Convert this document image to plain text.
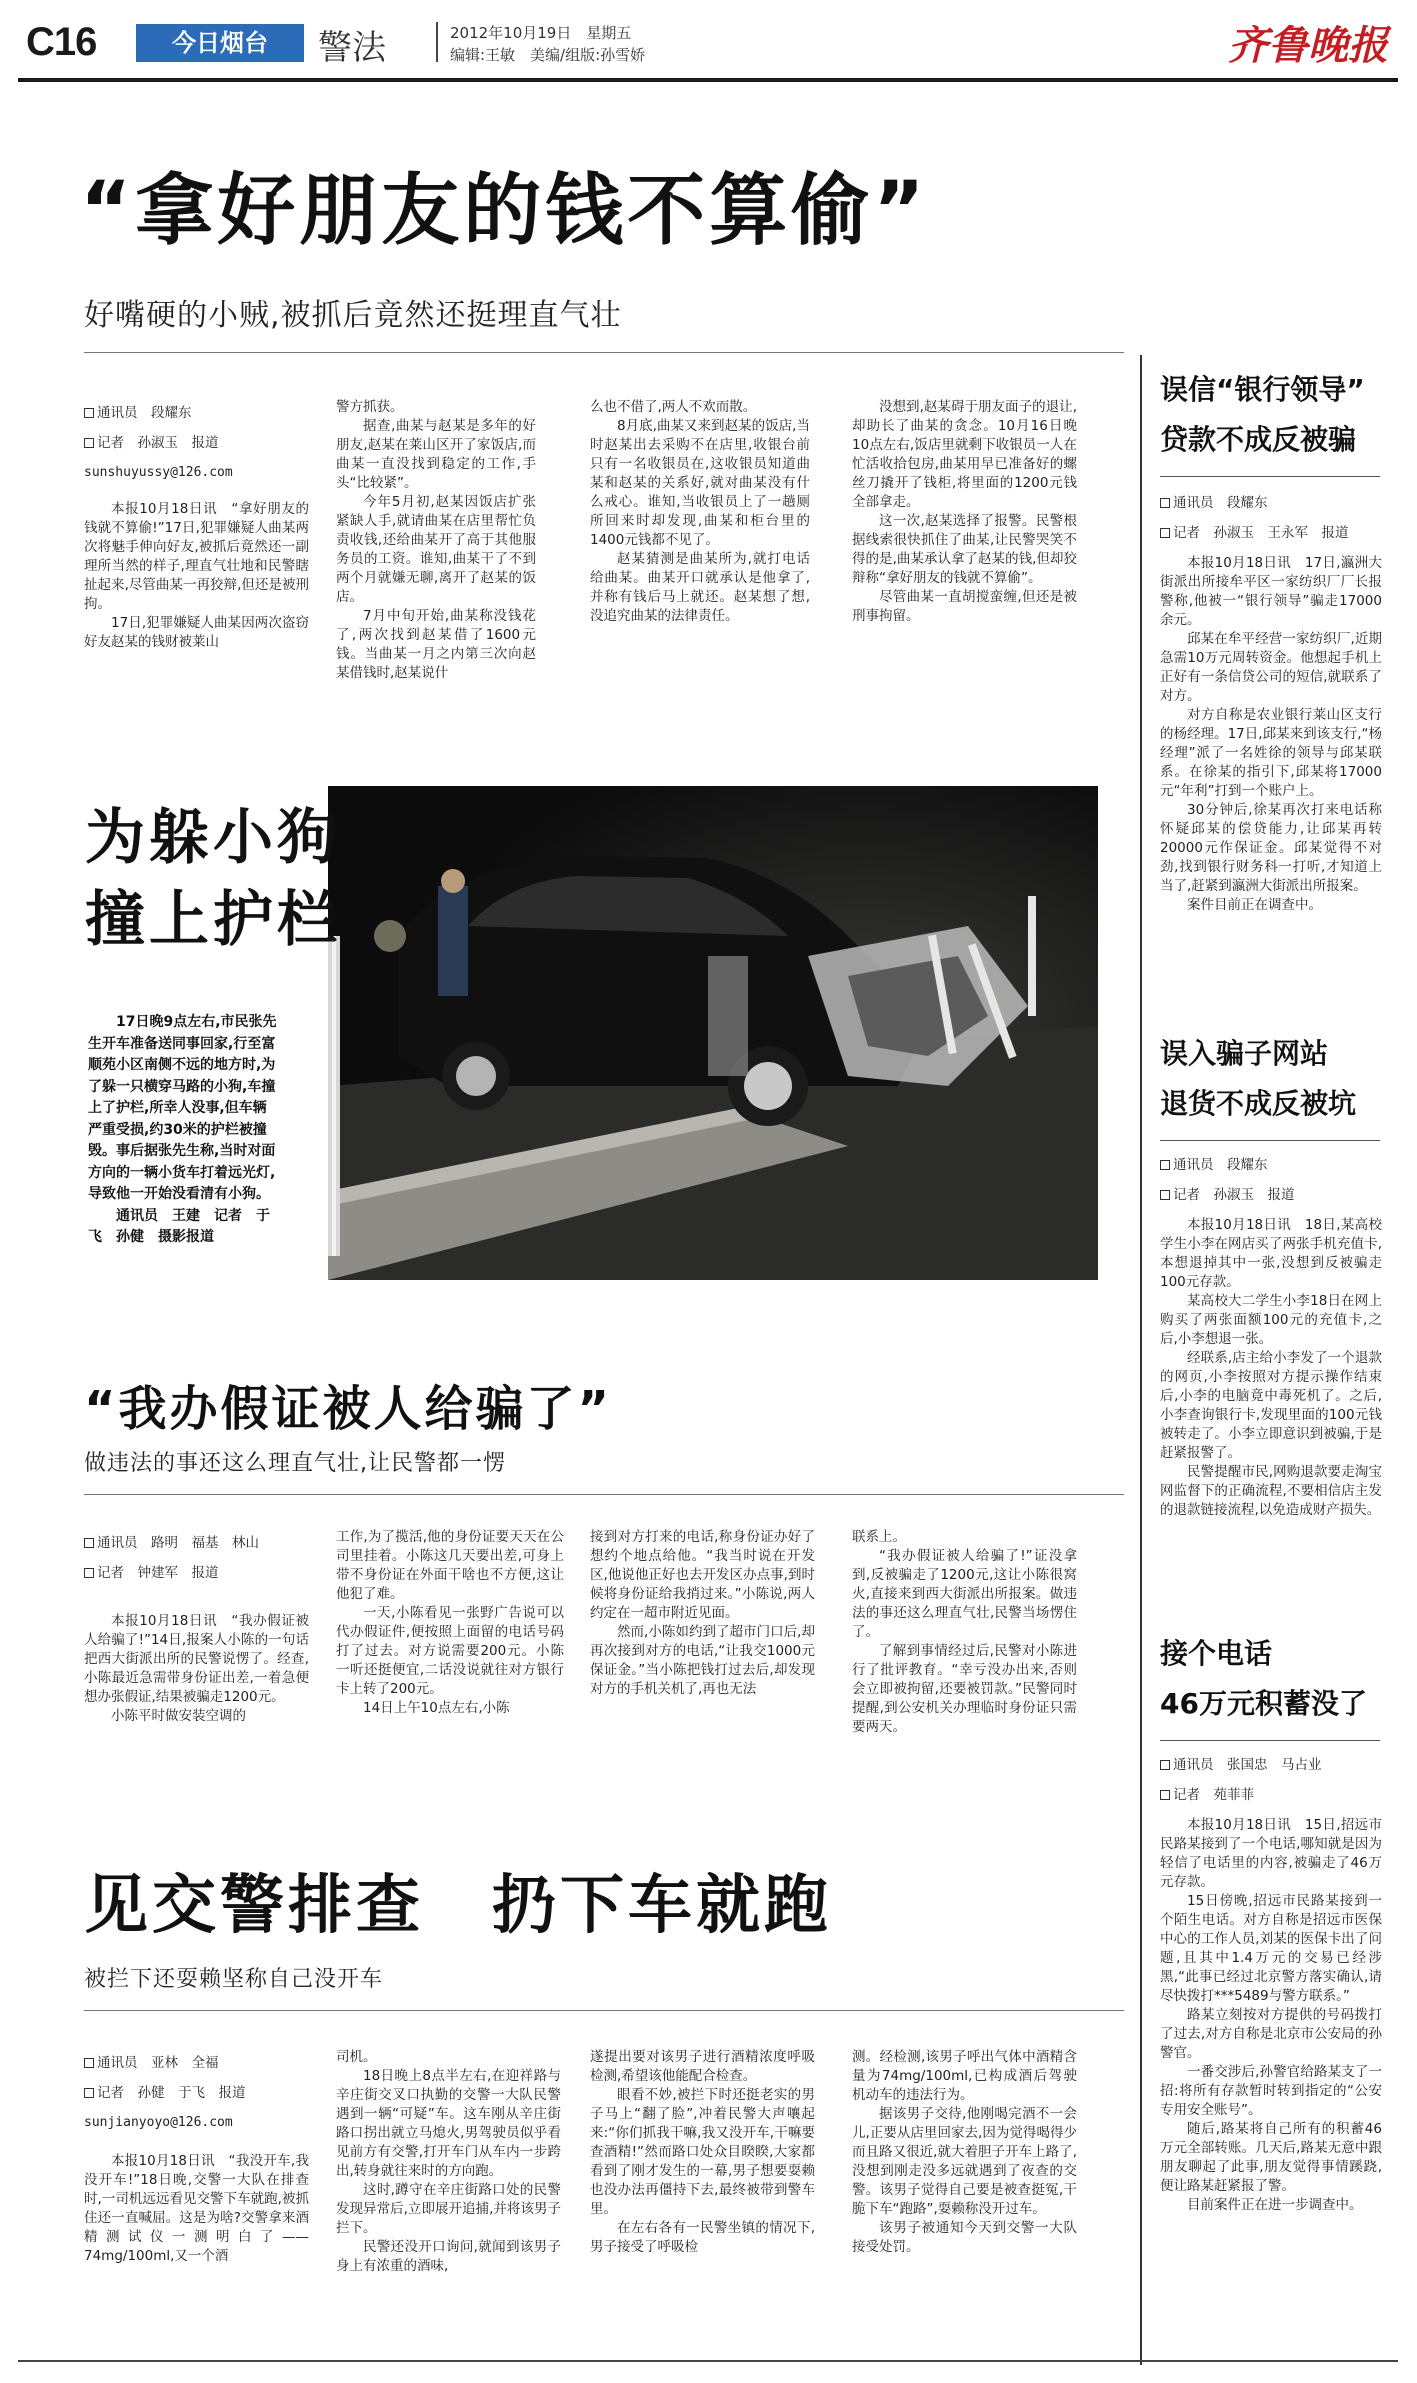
C16	今日烟台	警法	2012年10月19日　星期五
编辑:王敏　美编/组版:孙雪娇	齐鲁晚报
“拿好朋友的钱不算偷”
好嘴硬的小贼,被抓后竟然还挺理直气壮
通讯员　段耀东
记者　孙淑玉　报道
sunshuyussy@126.com

本报10月18日讯　“拿好朋友的钱就不算偷!”17日,犯罪嫌疑人曲某两次将魅手伸向好友,被抓后竟然还一副理所当然的样子,理直气壮地和民警瞎扯起来,尽管曲某一再狡辩,但还是被刑拘。

17日,犯罪嫌疑人曲某因两次盗窃好友赵某的钱财被莱山

警方抓获。

据查,曲某与赵某是多年的好朋友,赵某在莱山区开了家饭店,而曲某一直没找到稳定的工作,手头“比较紧”。

今年5月初,赵某因饭店扩张紧缺人手,就请曲某在店里帮忙负责收钱,还给曲某开了高于其他服务员的工资。谁知,曲某干了不到两个月就嫌无聊,离开了赵某的饭店。

7月中旬开始,曲某称没钱花了,两次找到赵某借了1600元钱。当曲某一月之内第三次向赵某借钱时,赵某说什

么也不借了,两人不欢而散。

8月底,曲某又来到赵某的饭店,当时赵某出去采购不在店里,收银台前只有一名收银员在,这收银员知道曲某和赵某的关系好,就对曲某没有什么戒心。谁知,当收银员上了一趟厕所回来时却发现,曲某和柜台里的1400元钱都不见了。

赵某猜测是曲某所为,就打电话给曲某。曲某开口就承认是他拿了,并称有钱后马上就还。赵某想了想,没追究曲某的法律责任。

没想到,赵某碍于朋友面子的退让,却助长了曲某的贪念。10月16日晚10点左右,饭店里就剩下收银员一人在忙活收拾包房,曲某用早已准备好的螺丝刀撬开了钱柜,将里面的1200元钱全部拿走。

这一次,赵某选择了报警。民警根据线索很快抓住了曲某,让民警哭笑不得的是,曲某承认拿了赵某的钱,但却狡辩称“拿好朋友的钱就不算偷”。

尽管曲某一直胡搅蛮缠,但还是被刑事拘留。

为躲小狗
撞上护栏

17日晚9点左右,市民张先生开车准备送同事回家,行至富顺苑小区南侧不远的地方时,为了躲一只横穿马路的小狗,车撞上了护栏,所幸人没事,但车辆严重受损,约30米的护栏被撞毁。事后据张先生称,当时对面方向的一辆小货车打着远光灯,导致他一开始没看清有小狗。

通讯员　王建　记者　于飞　孙健　摄影报道

“我办假证被人给骗了”
做违法的事还这么理直气壮,让民警都一愣
通讯员　路明　福基　林山
记者　钟建军　报道

本报10月18日讯　“我办假证被人给骗了!”14日,报案人小陈的一句话把西大街派出所的民警说愣了。经查,小陈最近急需带身份证出差,一着急便想办张假证,结果被骗走1200元。

小陈平时做安装空调的

工作,为了揽活,他的身份证要天天在公司里挂着。小陈这几天要出差,可身上带不身份证在外面干啥也不方便,这让他犯了难。

一天,小陈看见一张野广告说可以代办假证件,便按照上面留的电话号码打了过去。对方说需要200元。小陈一听还挺便宜,二话没说就往对方银行卡上转了200元。

14日上午10点左右,小陈

接到对方打来的电话,称身份证办好了想约个地点给他。“我当时说在开发区,他说他正好也去开发区办点事,到时候将身份证给我捎过来。”小陈说,两人约定在一超市附近见面。

然而,小陈如约到了超市门口后,却再次接到对方的电话,“让我交1000元保证金。”当小陈把钱打过去后,却发现对方的手机关机了,再也无法

联系上。

“我办假证被人给骗了!”证没拿到,反被骗走了1200元,这让小陈很窝火,直接来到西大街派出所报案。做违法的事还这么理直气壮,民警当场愣住了。

了解到事情经过后,民警对小陈进行了批评教育。“幸亏没办出来,否则会立即被拘留,还要被罚款。”民警同时提醒,到公安机关办理临时身份证只需要两天。

见交警排查　扔下车就跑
被拦下还耍赖坚称自己没开车
通讯员　亚林　全福
记者　孙健　于飞　报道
sunjianyoyo@126.com

本报10月18日讯　“我没开车,我没开车!”18日晚,交警一大队在排查时,一司机远远看见交警下车就跑,被抓住还一直喊屈。这是为啥?交警拿来酒精测试仪一测明白了——74mg/100ml,又一个酒

司机。

18日晚上8点半左右,在迎祥路与辛庄街交叉口执勤的交警一大队民警遇到一辆“可疑”车。这车刚从辛庄街路口拐出就立马熄火,男驾驶员似乎看见前方有交警,打开车门从车内一步跨出,转身就往来时的方向跑。

这时,蹲守在辛庄街路口处的民警发现异常后,立即展开追捕,并将该男子拦下。

民警还没开口询问,就闻到该男子身上有浓重的酒味,

遂提出要对该男子进行酒精浓度呼吸检测,希望该他能配合检查。

眼看不妙,被拦下时还挺老实的男子马上“翻了脸”,冲着民警大声嚷起来:“你们抓我干嘛,我又没开车,干嘛要查酒精!”然而路口处众目睽睽,大家都看到了刚才发生的一幕,男子想要耍赖也没办法再僵持下去,最终被带到警车里。

在左右各有一民警坐镇的情况下,男子接受了呼吸检

测。经检测,该男子呼出气体中酒精含量为74mg/100ml,已构成酒后驾驶机动车的违法行为。

据该男子交待,他刚喝完酒不一会儿,正要从店里回家去,因为觉得喝得少而且路又很近,就大着胆子开车上路了,没想到刚走没多远就遇到了夜查的交警。该男子觉得自己要是被查挺冤,干脆下车“跑路”,耍赖称没开过车。

该男子被通知今天到交警一大队接受处罚。

误信“银行领导”
贷款不成反被骗
通讯员　段耀东
记者　孙淑玉　王永军　报道

本报10月18日讯　17日,瀛洲大街派出所接牟平区一家纺织厂厂长报警称,他被一“银行领导”骗走17000余元。

邱某在牟平经营一家纺织厂,近期急需10万元周转资金。他想起手机上正好有一条信贷公司的短信,就联系了对方。

对方自称是农业银行莱山区支行的杨经理。17日,邱某来到该支行,“杨经理”派了一名姓徐的领导与邱某联系。在徐某的指引下,邱某将17000元“年利”打到一个账户上。

30分钟后,徐某再次打来电话称怀疑邱某的偿贷能力,让邱某再转20000元作保证金。邱某觉得不对劲,找到银行财务科一打听,才知道上当了,赶紧到瀛洲大街派出所报案。

案件目前正在调查中。

误入骗子网站
退货不成反被坑
通讯员　段耀东
记者　孙淑玉　报道

本报10月18日讯　18日,某高校学生小李在网店买了两张手机充值卡,本想退掉其中一张,没想到反被骗走100元存款。

某高校大二学生小李18日在网上购买了两张面额100元的充值卡,之后,小李想退一张。

经联系,店主给小李发了一个退款的网页,小李按照对方提示操作结束后,小李的电脑竟中毒死机了。之后,小李查询银行卡,发现里面的100元钱被转走了。小李立即意识到被骗,于是赶紧报警了。

民警提醒市民,网购退款要走淘宝网监督下的正确流程,不要相信店主发的退款链接流程,以免造成财产损失。

接个电话
46万元积蓄没了
通讯员　张国忠　马占业
记者　苑菲菲

本报10月18日讯　15日,招远市民路某接到了一个电话,哪知就是因为轻信了电话里的内容,被骗走了46万元存款。

15日傍晚,招远市民路某接到一个陌生电话。对方自称是招远市医保中心的工作人员,刘某的医保卡出了问题,且其中1.4万元的交易已经涉黑,“此事已经过北京警方落实确认,请尽快拨打***5489与警方联系。”

路某立刻按对方提供的号码拨打了过去,对方自称是北京市公安局的孙警官。

一番交涉后,孙警官给路某支了一招:将所有存款暂时转到指定的“公安专用安全账号”。

随后,路某将自己所有的积蓄46万元全部转账。几天后,路某无意中跟朋友聊起了此事,朋友觉得事情蹊跷,便让路某赶紧报了警。

目前案件正在进一步调查中。
